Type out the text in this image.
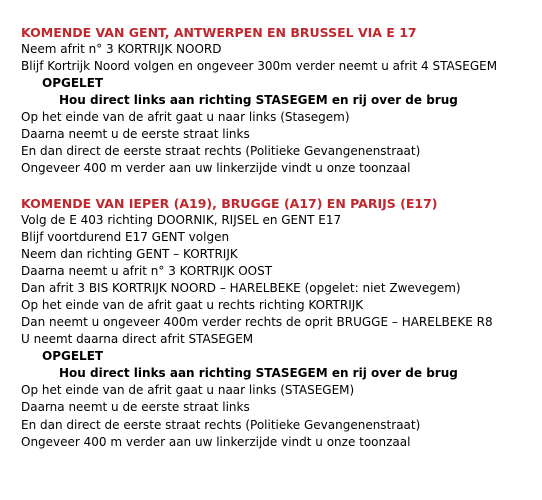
KOMENDE VAN GENT, ANTWERPEN EN BRUSSEL VIA E 17
Neem afrit n° 3 KORTRIJK NOORD
Blijf Kortrijk Noord volgen en ongeveer 300m verder neemt u afrit 4 STASEGEM
OPGELET
Hou direct links aan richting STASEGEM en rij over de brug
Op het einde van de afrit gaat u naar links (Stasegem)
Daarna neemt u de eerste straat links
En dan direct de eerste straat rechts (Politieke Gevangenenstraat)
Ongeveer 400 m verder aan uw linkerzijde vindt u onze toonzaal
KOMENDE VAN IEPER (A19), BRUGGE (A17) EN PARIJS (E17)
Volg de E 403 richting DOORNIK, RIJSEL en GENT E17
Blijf voortdurend E17 GENT volgen
Neem dan richting GENT – KORTRIJK
Daarna neemt u afrit n° 3 KORTRIJK OOST
Dan afrit 3 BIS KORTRIJK NOORD – HARELBEKE (opgelet: niet Zwevegem)
Op het einde van de afrit gaat u rechts richting KORTRIJK
Dan neemt u ongeveer 400m verder rechts de oprit BRUGGE – HARELBEKE R8
U neemt daarna direct afrit STASEGEM
OPGELET
Hou direct links aan richting STASEGEM en rij over de brug
Op het einde van de afrit gaat u naar links (STASEGEM)
Daarna neemt u de eerste straat links
En dan direct de eerste straat rechts (Politieke Gevangenenstraat)
Ongeveer 400 m verder aan uw linkerzijde vindt u onze toonzaal
